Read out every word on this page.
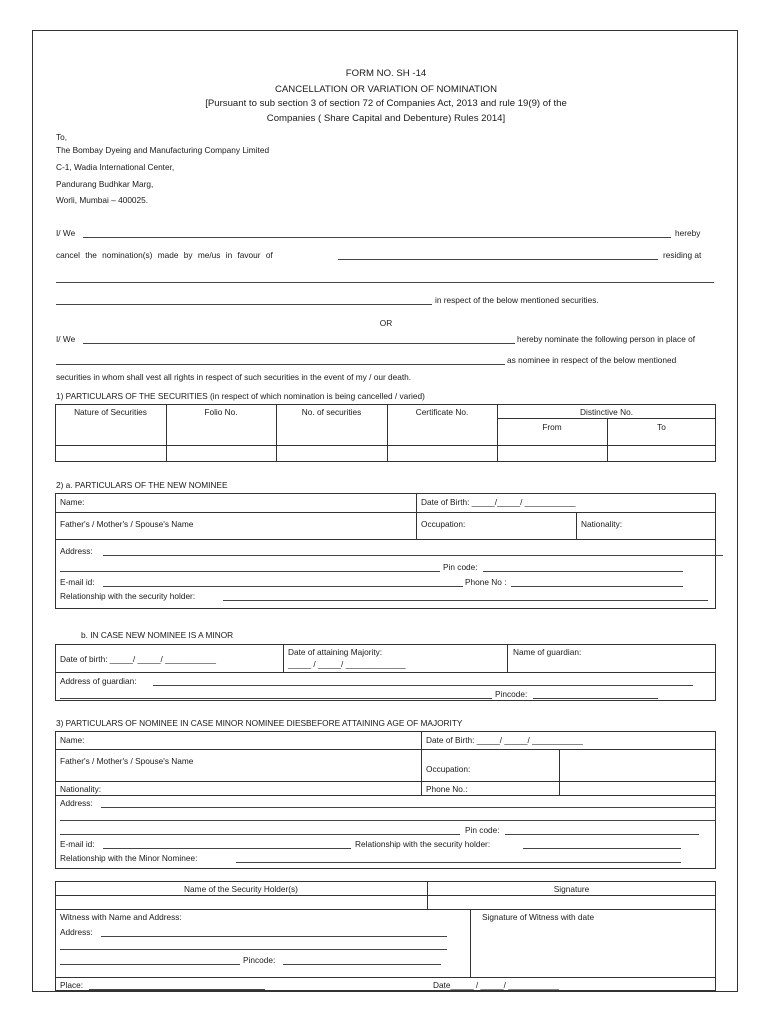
FORM NO. SH -14
CANCELLATION OR VARIATION OF NOMINATION
[Pursuant to sub section 3 of section 72 of Companies Act, 2013 and rule 19(9) of the
Companies ( Share Capital and Debenture) Rules 2014]
To,
The Bombay Dyeing and Manufacturing Company Limited
C-1, Wadia International Center,
Pandurang Budhkar Marg,
Worli, Mumbai – 400025.
I/ We	hereby
cancel the nomination(s) made by me/us in favour of	residing at
in respect of the below mentioned securities.
OR
I/ We	hereby nominate the following person in place of
as nominee in respect of the below mentioned
securities in whom shall vest all rights in respect of such securities in the event of my / our death.
1) PARTICULARS OF THE SECURITIES (in respect of which nomination is being cancelled / varied)
Nature of Securities	Folio No.	No. of securities	Certificate No.	Distinctive No.
From	To
2) a. PARTICULARS OF THE NEW NOMINEE
Name:	Date of Birth: _____/_____/ ___________
Father's / Mother's / Spouse's Name	Occupation:	Nationality:
Address:
Pin code:
E-mail id:	Phone No :
Relationship with the security holder:
b. IN CASE NEW NOMINEE IS A MINOR
Date of birth: _____/ _____/ ___________
Date of attaining Majority:
_____ / _____/ _____________
Name of guardian:
Address of guardian:
Pincode:
3) PARTICULARS OF NOMINEE IN CASE MINOR NOMINEE DIESBEFORE ATTAINING AGE OF MAJORITY
Name:	Date of Birth: _____/ _____/ ___________
Father's / Mother's / Spouse's Name
Occupation:
Nationality:	Phone No.:
Address:
Pin code:
E-mail id:	Relationship with the security holder:
Relationship with the Minor Nominee:
Name of the Security Holder(s)	Signature
Witness with Name and Address:	Signature of Witness with date
Address:
Pincode:
Place:	Date_____ / _____/ ___________
